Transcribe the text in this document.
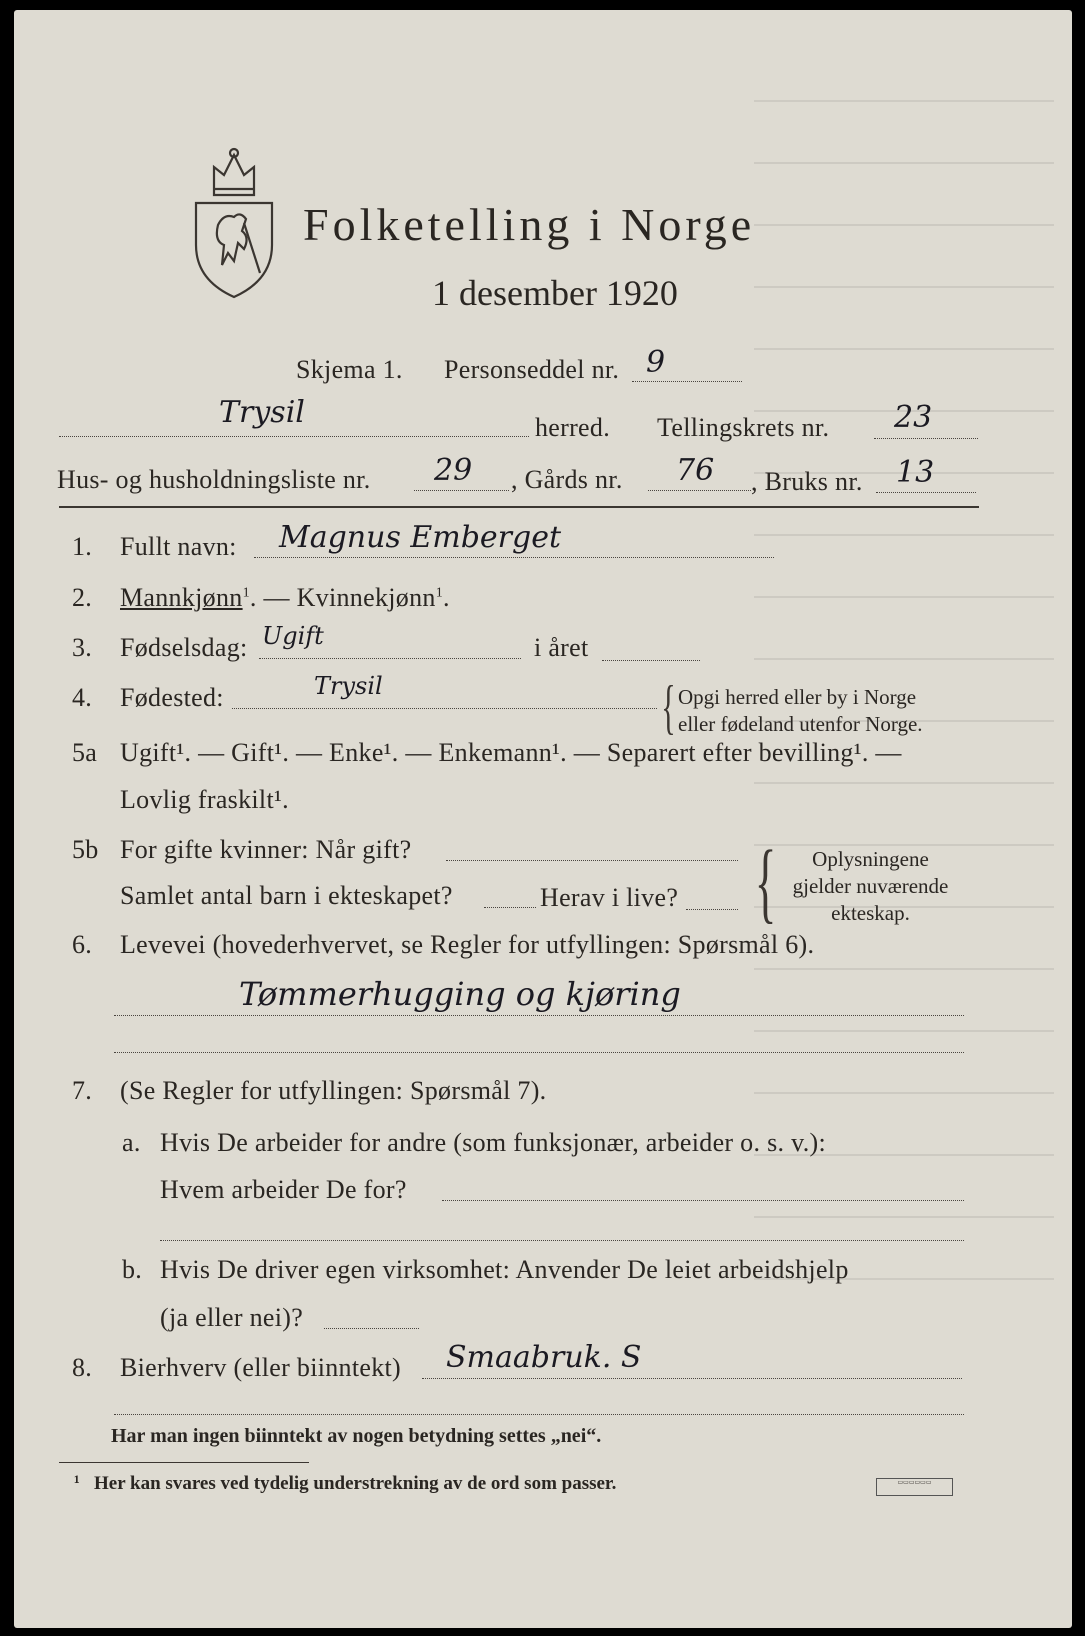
Folketelling i Norge
1 desember 1920
Skjema 1. Personseddel nr. 9
Trysil	herred. Tellingskrets nr. 23
Hus- og husholdningsliste nr. 29 , Gårds nr. 76 , Bruks nr. 13
1. Fullt navn: Magnus Emberget
2. Mannkjønn$^1$. — Kvinnekjønn$^1$.
3. Fødselsdag: Ugift	i året
4. Fødested:	Trysil	{ Opgi herred eller by i Norge
eller fødeland utenfor Norge.
5a Ugift¹. — Gift¹. — Enke¹. — Enkemann¹. — Separert efter bevilling¹. —
Lovlig fraskilt¹.
5b For gifte kvinner: Når gift?
Samlet antal barn i ekteskapet?	Herav i live? {	Oplysningene
gjelder nuværende
ekteskap.
6. Levevei (hovederhvervet, se Regler for utfyllingen: Spørsmål 6).
Tømmerhugging og kjøring
7. (Se Regler for utfyllingen: Spørsmål 7).
a. Hvis De arbeider for andre (som funksjonær, arbeider o. s. v.):
Hvem arbeider De for?
b. Hvis De driver egen virksomhet: Anvender De leiet arbeidshjelp
(ja eller nei)?
8. Bierhverv (eller biinntekt) Smaabruk. S
Har man ingen biinntekt av nogen betydning settes „nei“.
¹ Her kan svares ved tydelig understrekning av de ord som passer.	▭▭▭▭▭▭
